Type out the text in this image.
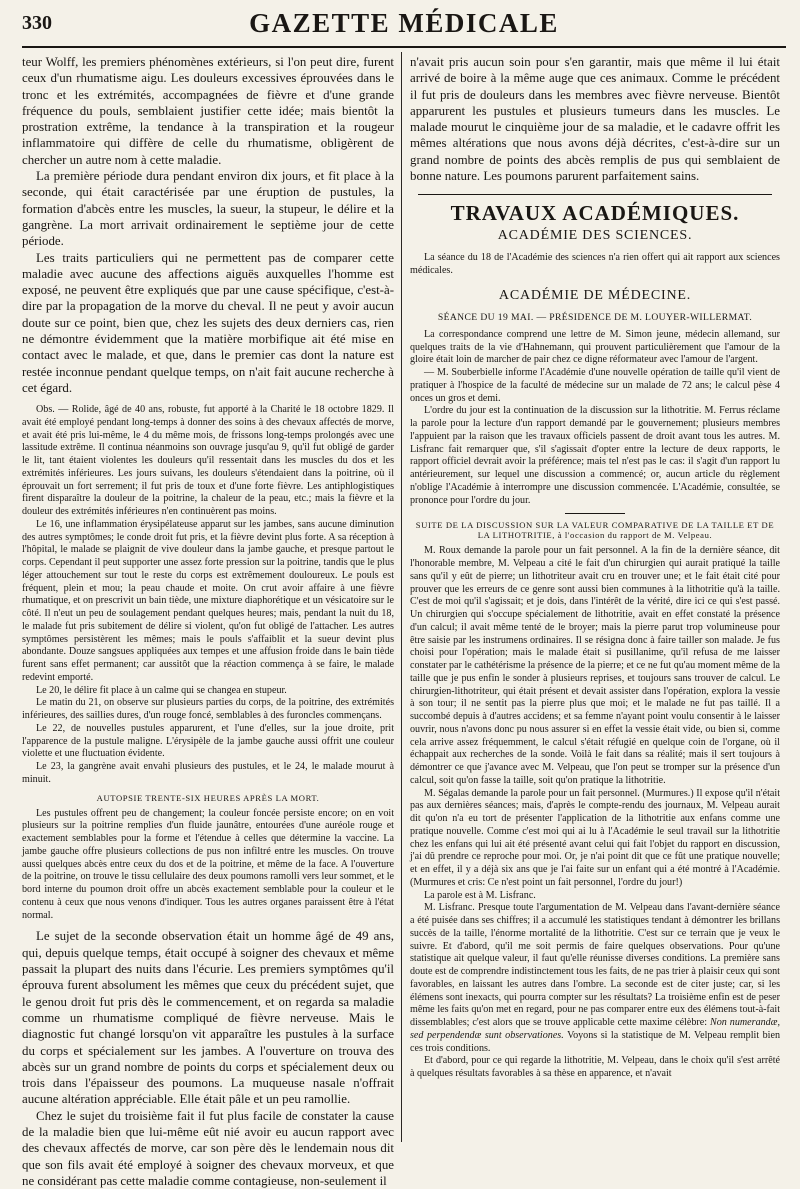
330	GAZETTE MÉDICALE

teur Wolff, les premiers phénomènes extérieurs, si l'on peut dire, furent ceux d'un rhumatisme aigu. Les douleurs excessives éprouvées dans le tronc et les extrémités, accompagnées de fièvre et d'une grande fréquence du pouls, semblaient justifier cette idée; mais bientôt la prostration extrême, la tendance à la transpiration et la rougeur inflammatoire qui diffère de celle du rhumatisme, obligèrent de chercher un autre nom à cette maladie.

La première période dura pendant environ dix jours, et fit place à la seconde, qui était caractérisée par une éruption de pustules, la formation d'abcès entre les muscles, la sueur, la stupeur, le délire et la gangrène. La mort arrivait ordinairement le septième jour de cette période.

Les traits particuliers qui ne permettent pas de comparer cette maladie avec aucune des affections aiguës auxquelles l'homme est exposé, ne peuvent être expliqués que par une cause spécifique, c'est-à-dire par la propagation de la morve du cheval. Il ne peut y avoir aucun doute sur ce point, bien que, chez les sujets des deux derniers cas, rien ne démontre évidemment que la matière morbifique ait été mise en contact avec le malade, et que, dans le premier cas dont la nature est restée inconnue pendant quelque temps, on n'ait fait aucune recherche à cet égard.

Obs. — Rolide, âgé de 40 ans, robuste, fut apporté à la Charité le 18 octobre 1829. Il avait été employé pendant long-temps à donner des soins à des chevaux affectés de morve, et avait été pris lui-même, le 4 du même mois, de frissons long-temps prolongés avec une lassitude extrême. Il continua néanmoins son ouvrage jusqu'au 9, qu'il fut obligé de garder le lit, tant étaient violentes les douleurs qu'il ressentait dans les muscles du dos et les extrémités inférieures. Les jours suivans, les douleurs s'étendaient dans la poitrine, où il éprouvait un fort serrement; il fut pris de toux et d'une forte fièvre. Les antiphlogistiques firent disparaître la douleur de la poitrine, la chaleur de la peau, etc.; mais la fièvre et la douleur des extrémités inférieures n'en continuèrent pas moins.

Le 16, une inflammation érysipélateuse apparut sur les jambes, sans aucune diminution des autres symptômes; le conde droit fut pris, et la fièvre devint plus forte. A sa réception à l'hôpital, le malade se plaignit de vive douleur dans la jambe gauche, et presque partout le corps. Cependant il peut supporter une assez forte pression sur la poitrine, tandis que le plus léger attouchement sur tout le reste du corps est extrêmement douloureux. Le pouls est fréquent, plein et mou; la peau chaude et moite. On crut avoir affaire à une fièvre rhumatique, et on prescrivit un bain tiède, une mixture diaphorétique et un vésicatoire sur le côté. Il n'eut un peu de soulagement pendant quelques heures; mais, pendant la nuit du 18, le malade fut pris subitement de délire si violent, qu'on fut obligé de l'attacher. Les autres symptômes persistèrent les mêmes; mais le pouls s'affaiblit et la sueur devint plus abondante. Douze sangsues appliquées aux tempes et une affusion froide dans le bain tiède furent sans effet permanent; car aussitôt que la réaction commença à se faire, le malade redevint emporté.

Le 20, le délire fit place à un calme qui se changea en stupeur.

Le matin du 21, on observe sur plusieurs parties du corps, de la poitrine, des extrémités inférieures, des saillies dures, d'un rouge foncé, semblables à des furoncles commençans.

Le 22, de nouvelles pustules apparurent, et l'une d'elles, sur la joue droite, prit l'apparence de la pustule maligne. L'érysipèle de la jambe gauche aussi offrit une couleur violette et une fluctuation évidente.

Le 23, la gangrène avait envahi plusieurs des pustules, et le 24, le malade mourut à minuit.

AUTOPSIE TRENTE-SIX HEURES APRÈS LA MORT.

Les pustules offrent peu de changement; la couleur foncée persiste encore; on en voit plusieurs sur la poitrine remplies d'un fluide jaunâtre, entourées d'une auréole rouge et exactement semblables pour la forme et l'étendue à celles que détermine la vaccine. La jambe gauche offre plusieurs collections de pus non infiltré entre les muscles. On trouve aussi quelques abcès entre ceux du dos et de la poitrine, et même de la face. A l'ouverture de la poitrine, on trouve le tissu cellulaire des deux poumons ramolli vers leur sommet, et le bord interne du poumon droit offre un abcès exactement semblable pour la couleur et le contenu à ceux que nous venons d'indiquer. Tous les autres organes paraissent être à l'état normal.

Le sujet de la seconde observation était un homme âgé de 49 ans, qui, depuis quelque temps, était occupé à soigner des chevaux et même passait la plupart des nuits dans l'écurie. Les premiers symptômes qu'il éprouva furent absolument les mêmes que ceux du précédent sujet, que le genou droit fut pris dès le commencement, et on regarda sa maladie comme un rhumatisme compliqué de fièvre nerveuse. Mais le diagnostic fut changé lorsqu'on vit apparaître les pustules à la surface du corps et spécialement sur les jambes. A l'ouverture on trouva des abcès sur un grand nombre de points du corps et spécialement deux ou trois dans l'épaisseur des poumons. La muqueuse nasale n'offrait aucune altération appréciable. Elle était pâle et un peu ramollie.

Chez le sujet du troisième fait il fut plus facile de constater la cause de la maladie bien que lui-même eût nié avoir eu aucun rapport avec des chevaux affectés de morve, car son père dès le lendemain nous dit que son fils avait été employé à soigner des chevaux morveux, et que ne considérant pas cette maladie comme contagieuse, non-seulement il

n'avait pris aucun soin pour s'en garantir, mais que même il lui était arrivé de boire à la même auge que ces animaux. Comme le précédent il fut pris de douleurs dans les membres avec fièvre nerveuse. Bientôt apparurent les pustules et plusieurs tumeurs dans les muscles. Le malade mourut le cinquième jour de sa maladie, et le cadavre offrit les mêmes altérations que nous avons déjà décrites, c'est-à-dire sur un grand nombre de points des abcès remplis de pus qui semblaient de bonne nature. Les poumons parurent parfaitement sains.

TRAVAUX ACADÉMIQUES.
ACADÉMIE DES SCIENCES.

La séance du 18 de l'Académie des sciences n'a rien offert qui ait rapport aux sciences médicales.

ACADÉMIE DE MÉDECINE.
SÉANCE DU 19 MAI. — PRÉSIDENCE DE M. LOUYER-WILLERMAT.

La correspondance comprend une lettre de M. Simon jeune, médecin allemand, sur quelques traits de la vie d'Hahnemann, qui prouvent particulièrement que l'amour de la gloire était loin de marcher de pair chez ce digne réformateur avec l'amour de l'argent.

— M. Souberbielle informe l'Académie d'une nouvelle opération de taille qu'il vient de pratiquer à l'hospice de la faculté de médecine sur un malade de 72 ans; le calcul pèse 4 onces un gros et demi.

L'ordre du jour est la continuation de la discussion sur la lithotritie. M. Ferrus réclame la parole pour la lecture d'un rapport demandé par le gouvernement; plusieurs membres l'appuient par la raison que les travaux officiels passent de droit avant tous les autres. M. Lisfranc fait remarquer que, s'il s'agissait d'opter entre la lecture de deux rapports, le rapport officiel devrait avoir la préférence; mais tel n'est pas le cas: il s'agit d'un rapport lu antérieurement, sur lequel une discussion a commencé; or, aucun article du règlement n'oblige l'Académie à interrompre une discussion commencée. L'Académie, consultée, se prononce pour l'ordre du jour.

SUITE DE LA DISCUSSION SUR LA VALEUR COMPARATIVE DE LA TAILLE ET DE LA LITHOTRITIE, à l'occasion du rapport de M. Velpeau.

M. Roux demande la parole pour un fait personnel. A la fin de la dernière séance, dit l'honorable membre, M. Velpeau a cité le fait d'un chirurgien qui aurait pratiqué la taille sans qu'il y eût de pierre; un lithotriteur avait cru en trouver une; et le fait était cité pour prouver que les erreurs de ce genre sont aussi bien communes à la lithotritie qu'à la taille. C'est de moi qu'il s'agissait; et je dois, dans l'intérêt de la vérité, dire ici ce qui s'est passé. Un chirurgien qui s'occupe spécialement de lithotritie, avait en effet constaté la présence d'un calcul; il avait même tenté de le broyer; mais la pierre parut trop volumineuse pour être saisie par les instrumens ordinaires. Il se résigna donc à faire tailler son malade. Je fus choisi pour l'opération; mais le malade était si pusillanime, qu'il refusa de me laisser constater par le cathétérisme la présence de la pierre; et ce ne fut qu'au moment même de la taille que je pus enfin le sonder à plusieurs reprises, et toujours sans trouver de calcul. Le chirurgien-lithotriteur, qui était présent et devait assister dans l'opération, explora la vessie à son tour; il ne sentit pas la pierre plus que moi; et le malade ne fut pas taillé. Il a succombé depuis à d'autres accidens; et sa femme n'ayant point voulu consentir à le laisser ouvrir, nous n'avons donc pu nous assurer si en effet la vessie était vide, ou bien si, comme cela arrive assez fréquemment, le calcul s'était réfugié en quelque coin de l'organe, où il échappait aux recherches de la sonde. Voilà le fait dans sa réalité; mais il sert toujours à démontrer ce que j'avance avec M. Velpeau, que l'on peut se tromper sur la présence d'un calcul, soit qu'on fasse la taille, soit qu'on pratique la lithotritie.

M. Ségalas demande la parole pour un fait personnel. (Murmures.) Il expose qu'il n'était pas aux dernières séances; mais, d'après le compte-rendu des journaux, M. Velpeau aurait dit qu'on n'a eu tort de présenter l'application de la lithotritie aux enfans comme une pratique nouvelle. Comme c'est moi qui ai lu à l'Académie le seul travail sur la lithotritie chez les enfans qui lui ait été présenté avant celui qui fait l'objet du rapport en discussion, j'ai dû prendre ce reproche pour moi. Or, je n'ai point dit que ce fût une pratique nouvelle; et en effet, il y a déjà six ans que je l'ai faite sur un enfant qui a été montré à l'Académie. (Murmures et cris: Ce n'est point un fait personnel, l'ordre du jour!)

La parole est à M. Lisfranc.

M. Lisfranc. Presque toute l'argumentation de M. Velpeau dans l'avant-dernière séance a été puisée dans ses chiffres; il a accumulé les statistiques tendant à démontrer les brillans succès de la taille, l'énorme mortalité de la lithotritie. C'est sur ce terrain que je veux le suivre. Et d'abord, qu'il me soit permis de faire quelques observations. Pour qu'une statistique ait quelque valeur, il faut qu'elle réunisse diverses conditions. La première sans doute est de comprendre indistinctement tous les faits, de ne pas trier à plaisir ceux qui sont favorables, en laissant les autres dans l'ombre. La seconde est de citer juste; car, si les élémens sont inexacts, qui pourra compter sur les résultats? La troisième enfin est de peser même les faits qu'on met en regard, pour ne pas comparer entre eux des élémens tout-à-fait dissemblables; c'est alors que se trouve applicable cette maxime célèbre: Non numerandæ, sed perpendendæ sunt observationes. Voyons si la statistique de M. Velpeau remplit bien ces trois conditions.

Et d'abord, pour ce qui regarde la lithotritie, M. Velpeau, dans le choix qu'il s'est arrêté à quelques résultats favorables à sa thèse en apparence, et n'avait
